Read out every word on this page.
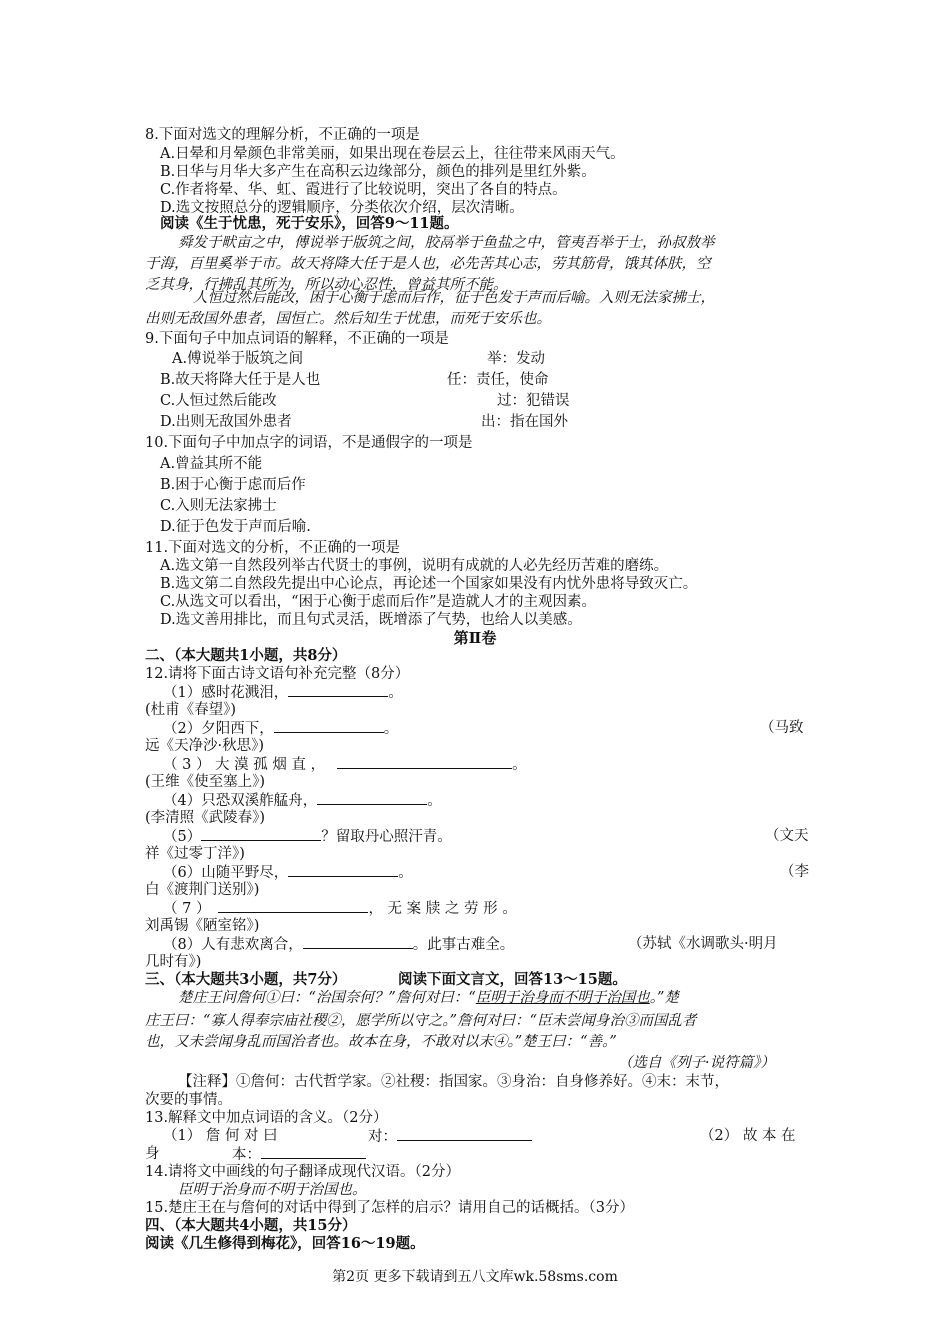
8.下面对选文的理解分析，不正确的一项是
A.日晕和月晕颜色非常美丽，如果出现在卷层云上，往往带来风雨天气。
B.日华与月华大多产生在高积云边缘部分，颜色的排列是里红外紫。
C.作者将晕、华、虹、霞进行了比较说明，突出了各自的特点。
D.选文按照总分的逻辑顺序，分类依次介绍，层次清晰。
阅读《生于忧患，死于安乐》，回答9～11题。
舜发于畎亩之中，傅说举于版筑之间，胶鬲举于鱼盐之中，管夷吾举于士，孙叔敖举
于海，百里奚举于市。故天将降大任于是人也，必先苦其心志，劳其筋骨，饿其体肤，空
乏其身，行拂乱其所为，所以动心忍性，曾益其所不能。
人恒过然后能改，困于心衡于虑而后作，征于色发于声而后喻。入则无法家拂士，
出则无敌国外患者，国恒亡。然后知生于忧患，而死于安乐也。
9.下面句子中加点词语的解释，不正确的一项是
A.傅说举于版筑之间	举：发动
B.故天将降大任于是人也	任：责任，使命
C.人恒过然后能改	过：犯错误
D.出则无敌国外患者	出：指在国外
10.下面句子中加点字的词语，不是通假字的一项是
A.曾益其所不能
B.困于心衡于虑而后作
C.入则无法家拂士
D.征于色发于声而后喻.
11.下面对选文的分析，不正确的一项是
A.选文第一自然段列举古代贤士的事例，说明有成就的人必先经历苦难的磨练。
B.选文第二自然段先提出中心论点，再论述一个国家如果没有内忧外患将导致灭亡。
C.从选文可以看出，“困于心衡于虑而后作”是造就人才的主观因素。
D.选文善用排比，而且句式灵活，既增添了气势，也给人以美感。
第Ⅱ卷
二、（本大题共1小题，共8分）
12.请将下面古诗文语句补充完整（8分）
（1）感时花溅泪，	。
(杜甫《春望》)
（2）夕阳西下，	。	（马致
远《天净沙·秋思》)
（ 3 ） 大 漠 孤 烟 直 ，	。
(王维《使至塞上》)
（4）只恐双溪舴艋舟，	。
(李清照《武陵春》)
（5）	？留取丹心照汗青。	（文天
祥《过零丁洋》)
（6）山随平野尽，	。	（李
白《渡荆门送别》)
（ 7 ）	， 无 案 牍 之 劳 形 。
刘禹锡《陋室铭》)
（8）人有悲欢离合，	。此事古难全。	（苏轼《水调歌头·明月
几时有》)
三、（本大题共3小题，共7分）	阅读下面文言文，回答13～15题。
楚庄王问詹何①曰：“治国奈何？”詹何对曰：“臣明于治身而不明于治国也。”楚
庄王曰：“寡人得奉宗庙社稷②，愿学所以守之。”詹何对曰：“臣未尝闻身治③而国乱者
也，又未尝闻身乱而国治者也。故本在身，不敢对以末④。”楚王曰：“善。”
（选自《列子·说符篇》）
【注释】①詹何：古代哲学家。②社稷：指国家。③身治：自身修养好。④末：末节，
次要的事情。
13.解释文中加点词语的含义。（2分）
（1） 詹 何 对 曰	对：	（2） 故 本 在
身	本：
14.请将文中画线的句子翻译成现代汉语。（2分）
臣明于治身而不明于治国也。
15.楚庄王在与詹何的对话中得到了怎样的启示？请用自己的话概括。（3分）
四、（本大题共4小题，共15分）
阅读《几生修得到梅花》，回答16～19题。
第2页 更多下载请到五八文库wk.58sms.com
